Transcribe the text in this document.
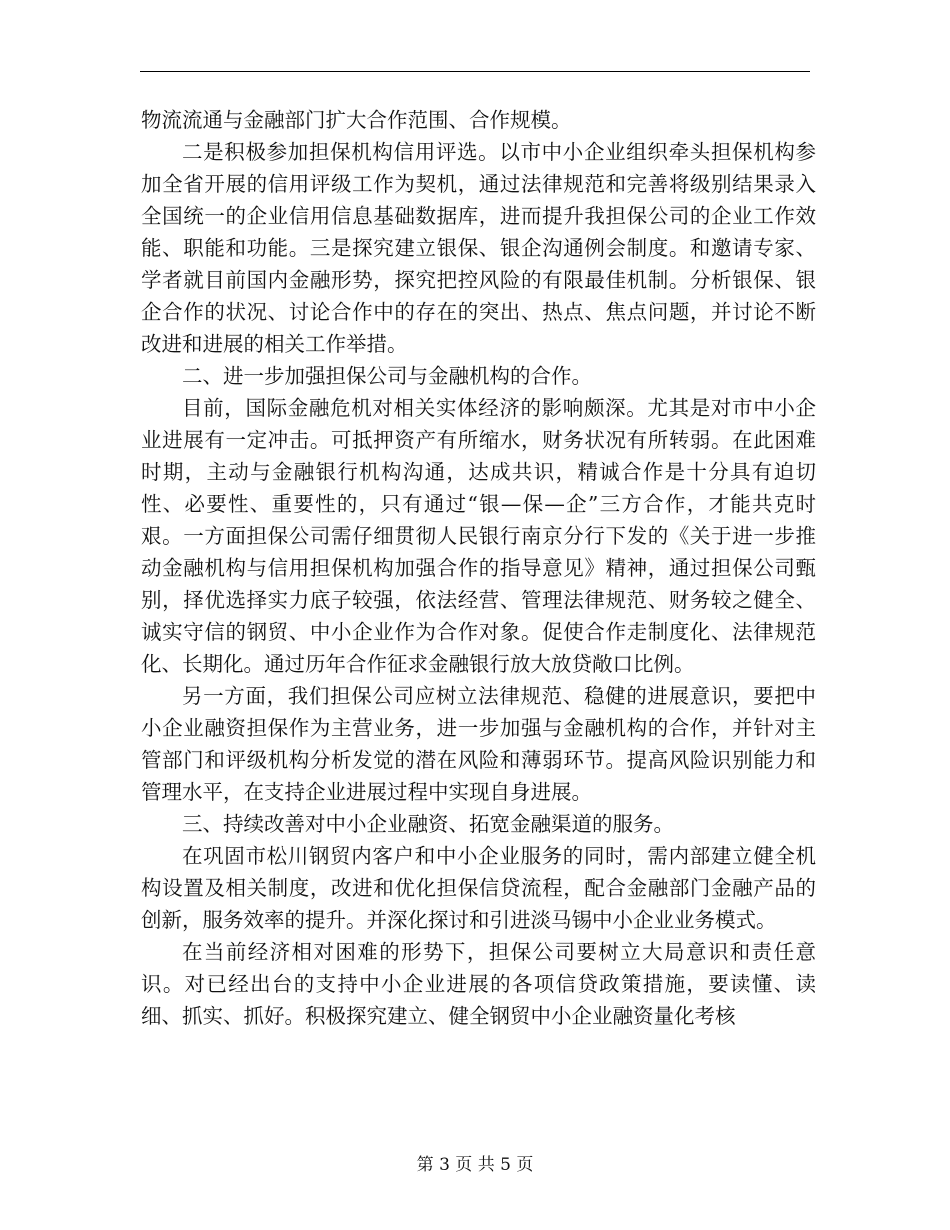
物流流通与金融部门扩大合作范围、合作规模。

二是积极参加担保机构信用评选。以市中小企业组织牵头担保机构参加全省开展的信用评级工作为契机，通过法律规范和完善将级别结果录入全国统一的企业信用信息基础数据库，进而提升我担保公司的企业工作效能、职能和功能。三是探究建立银保、银企沟通例会制度。和邀请专家、学者就目前国内金融形势，探究把控风险的有限最佳机制。分析银保、银企合作的状况、讨论合作中的存在的突出、热点、焦点问题，并讨论不断改进和进展的相关工作举措。

二、进一步加强担保公司与金融机构的合作。

目前，国际金融危机对相关实体经济的影响颇深。尤其是对市中小企业进展有一定冲击。可抵押资产有所缩水，财务状况有所转弱。在此困难时期，主动与金融银行机构沟通，达成共识，精诚合作是十分具有迫切性、必要性、重要性的，只有通过“银—保—企”三方合作，才能共克时艰。一方面担保公司需仔细贯彻人民银行南京分行下发的《关于进一步推动金融机构与信用担保机构加强合作的指导意见》精神，通过担保公司甄别，择优选择实力底子较强，依法经营、管理法律规范、财务较之健全、诚实守信的钢贸、中小企业作为合作对象。促使合作走制度化、法律规范化、长期化。通过历年合作征求金融银行放大放贷敞口比例。

另一方面，我们担保公司应树立法律规范、稳健的进展意识，要把中小企业融资担保作为主营业务，进一步加强与金融机构的合作，并针对主管部门和评级机构分析发觉的潜在风险和薄弱环节。提高风险识别能力和管理水平，在支持企业进展过程中实现自身进展。

三、持续改善对中小企业融资、拓宽金融渠道的服务。

在巩固市松川钢贸内客户和中小企业服务的同时，需内部建立健全机构设置及相关制度，改进和优化担保信贷流程，配合金融部门金融产品的创新，服务效率的提升。并深化探讨和引进淡马锡中小企业业务模式。

在当前经济相对困难的形势下，担保公司要树立大局意识和责任意识。对已经出台的支持中小企业进展的各项信贷政策措施，要读懂、读细、抓实、抓好。积极探究建立、健全钢贸中小企业融资量化考核

第 3 页 共 5 页
